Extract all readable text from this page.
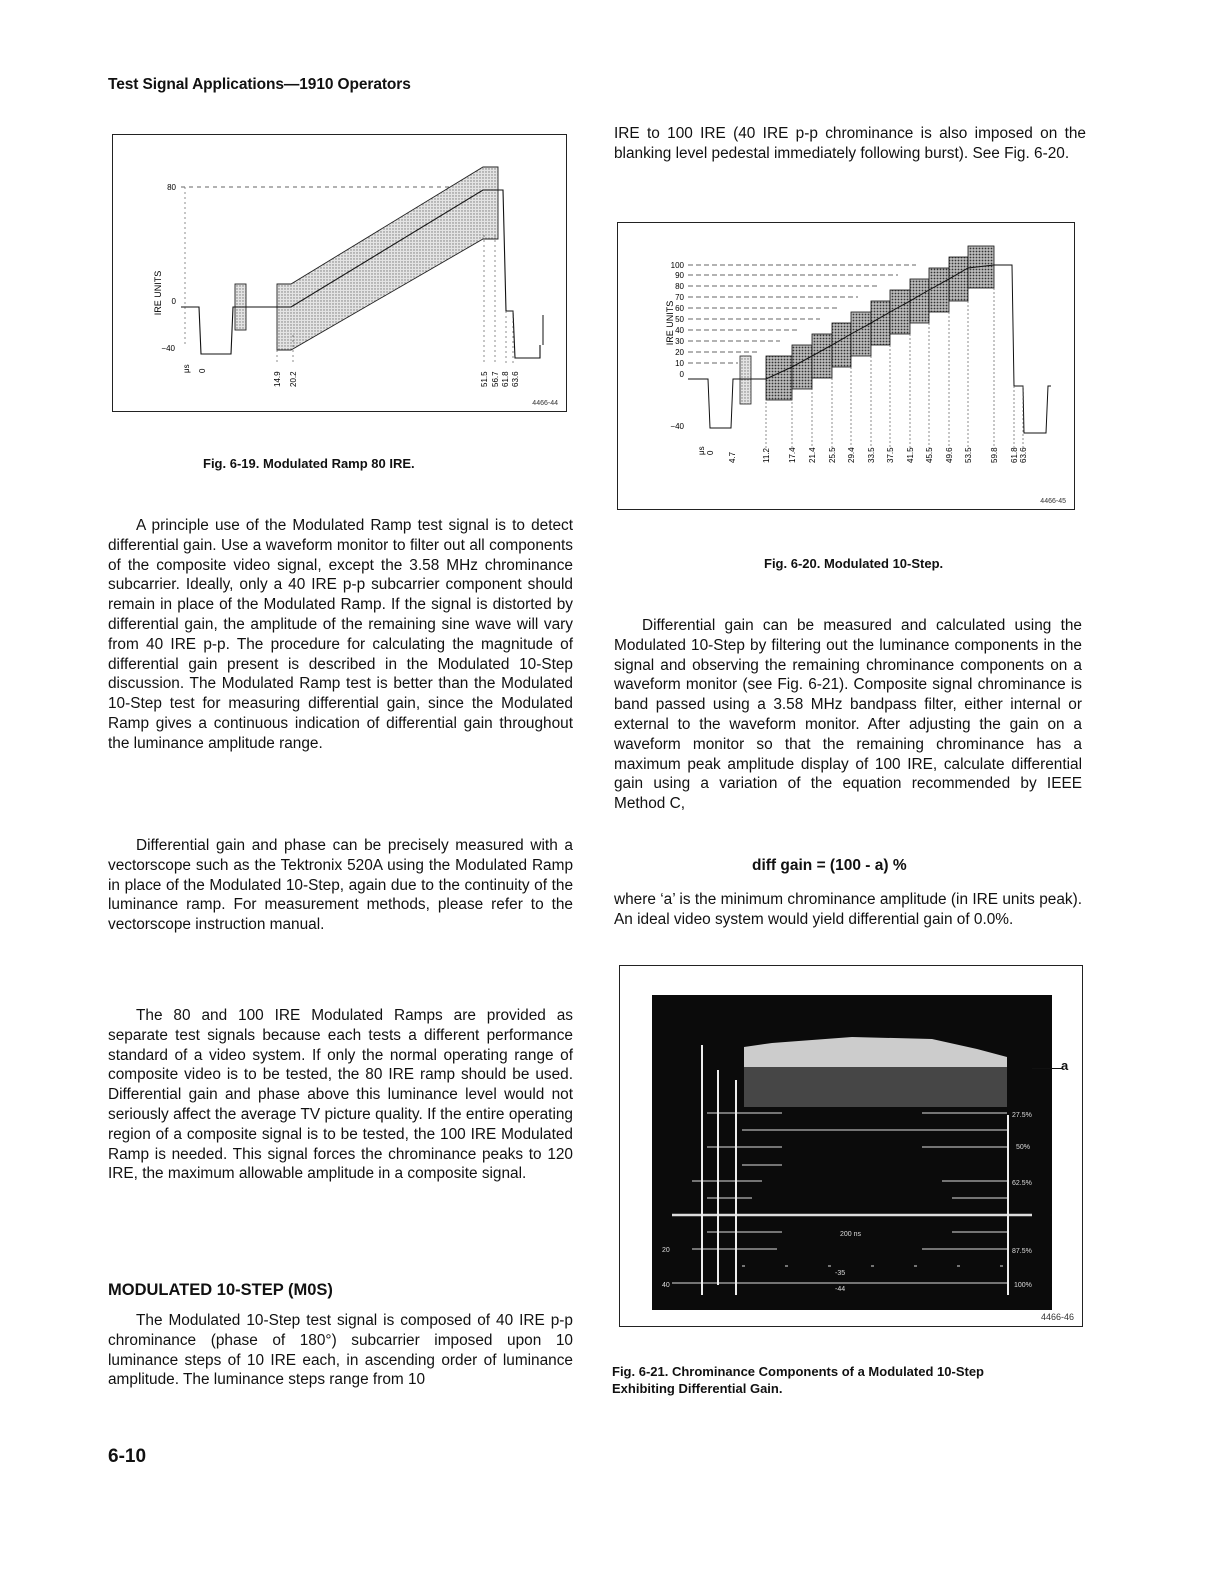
Test Signal Applications—1910 Operators
IRE UNITS
80
0
−40
μs 0
14.9 20.2	51.5 56.7 61.8 63.6
4466-44
Fig. 6-19. Modulated Ramp 80 IRE.

IRE to 100 IRE (40 IRE p-p chrominance is also imposed on the blanking level pedestal immediately following burst). See Fig. 6-20.

IRE UNITS
100
90
80
70
60
50
40
30
20
10
0
−40
μs 0 4.7	11.2 17.4 21.4 25.5 29.4 33.5 37.5 41.5 45.5 49.6 53.5 59.8 61.8 63.6
4466-45
Fig. 6-20. Modulated 10-Step.

A principle use of the Modulated Ramp test signal is to detect differential gain. Use a waveform monitor to filter out all components of the composite video signal, except the 3.58 MHz chrominance subcarrier. Ideally, only a 40 IRE p-p subcarrier component should remain in place of the Modulated Ramp. If the signal is distorted by differential gain, the amplitude of the remaining sine wave will vary from 40 IRE p-p. The procedure for calculating the magnitude of differential gain present is described in the Modulated 10-Step discussion. The Modulated Ramp test is better than the Modulated 10-Step test for measuring differential gain, since the Modulated Ramp gives a continuous indication of differential gain throughout the luminance amplitude range.

Differential gain and phase can be precisely measured with a vectorscope such as the Tektronix 520A using the Modulated Ramp in place of the Modulated 10-Step, again due to the continuity of the luminance ramp. For measurement methods, please refer to the vectorscope instruction manual.

The 80 and 100 IRE Modulated Ramps are provided as separate test signals because each tests a different performance standard of a video system. If only the normal operating range of composite video is to be tested, the 80 IRE ramp should be used. Differential gain and phase above this luminance level would not seriously affect the average TV picture quality. If the entire operating region of a composite signal is to be tested, the 100 IRE Modulated Ramp is needed. This signal forces the chrominance peaks to 120 IRE, the maximum allowable amplitude in a composite signal.

MODULATED 10-STEP (M0S)

The Modulated 10-Step test signal is composed of 40 IRE p-p chrominance (phase of 180°) subcarrier imposed upon 10 luminance steps of 10 IRE each, in ascending order of luminance amplitude. The luminance steps range from 10

Differential gain can be measured and calculated using the Modulated 10-Step by filtering out the luminance components in the signal and observing the remaining chrominance components on a waveform monitor (see Fig. 6-21). Composite signal chrominance is band passed using a 3.58 MHz bandpass filter, either internal or external to the waveform monitor. After adjusting the gain on a waveform monitor so that the remaining chrominance has a maximum peak amplitude display of 100 IRE, calculate differential gain using a variation of the equation recommended by IEEE Method C,

diff gain = (100 - a) %

where ‘a’ is the minimum chrominance amplitude (in IRE units peak). An ideal video system would yield differential gain of 0.0%.

27.5%
50%
62.5%
87.5%
100%
20
40
200 ns
-35
-44
4466-46
a
Fig. 6-21. Chrominance Components of a Modulated 10-Step
Exhibiting Differential Gain.
6-10
